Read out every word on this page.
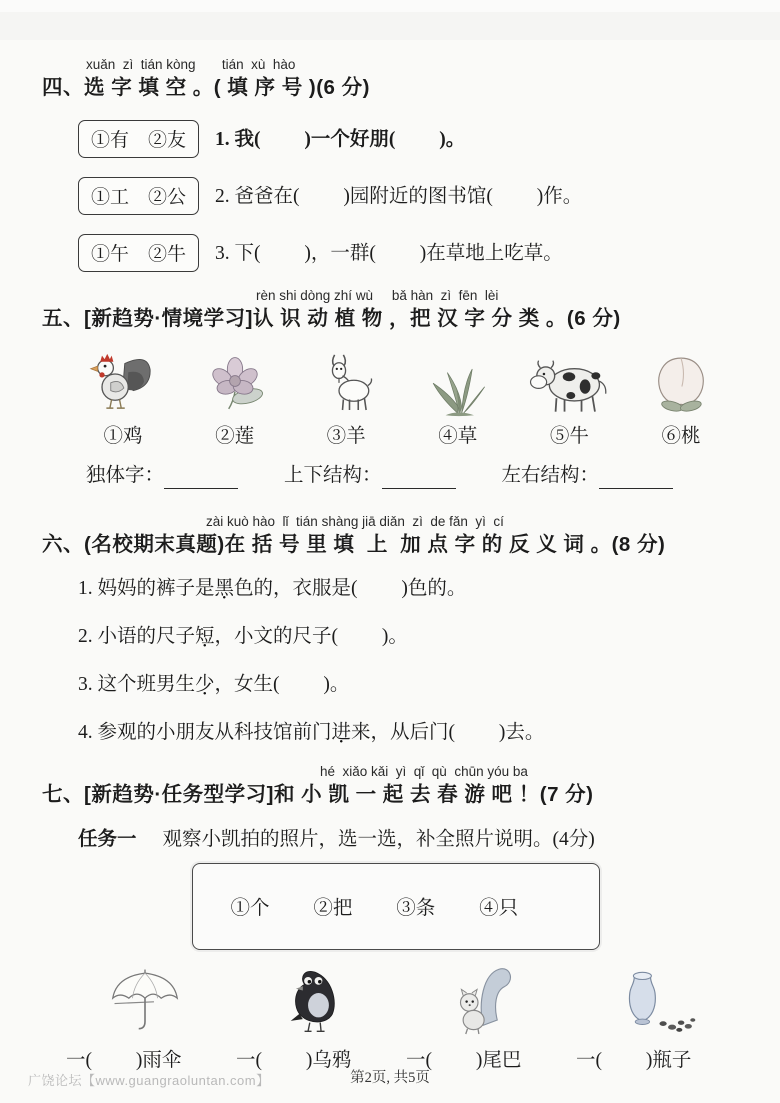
xuǎn  zì  tián kòng       tián  xù  hào
四、选 字 填 空 。( 填 序 号 )(6 分)
①有　②友	1. 我(　　 )一个好朋(　　 )。
①工　②公	2. 爸爸在(　　 )园附近的图书馆(　　 )作。
①午　②牛	3. 下(　　 )，一群(　　 )在草地上吃草。
rèn shi dòng zhí wù     bǎ hàn  zì  fēn  lèi
五、[新趋势·情境学习]认 识 动 植 物 ，把 汉 字 分 类 。(6 分)
①鸡	②莲	③羊	④草	⑤牛	⑥桃
独体字：	上下结构：	左右结构：
zài kuò hào  lǐ  tián shàng jiā diǎn  zì  de fǎn  yì  cí
六、(名校期末真题)在 括 号 里 填  上  加 点 字 的 反 义 词 。(8 分)
1. 妈妈的裤子是黑色的，衣服是(　　 )色的。
2. 小语的尺子短，小文的尺子(　　 )。
3. 这个班男生少，女生(　　 )。
4. 参观的小朋友从科技馆前门进来，从后门(　　 )去。
hé  xiǎo kǎi  yì  qǐ  qù  chūn yóu ba
七、[新趋势·任务型学习]和 小 凯 一 起 去 春 游 吧 ！(7 分)
任务一 观察小凯拍的照片，选一选，补全照片说明。(4分)

①个　　 ②把　　 ③条　　 ④只

一(　　 )雨伞	一(　　 )乌鸦	一(　　 )尾巴	一(　　 )瓶子
广饶论坛【www.guangraoluntan.com】	第2页, 共5页
